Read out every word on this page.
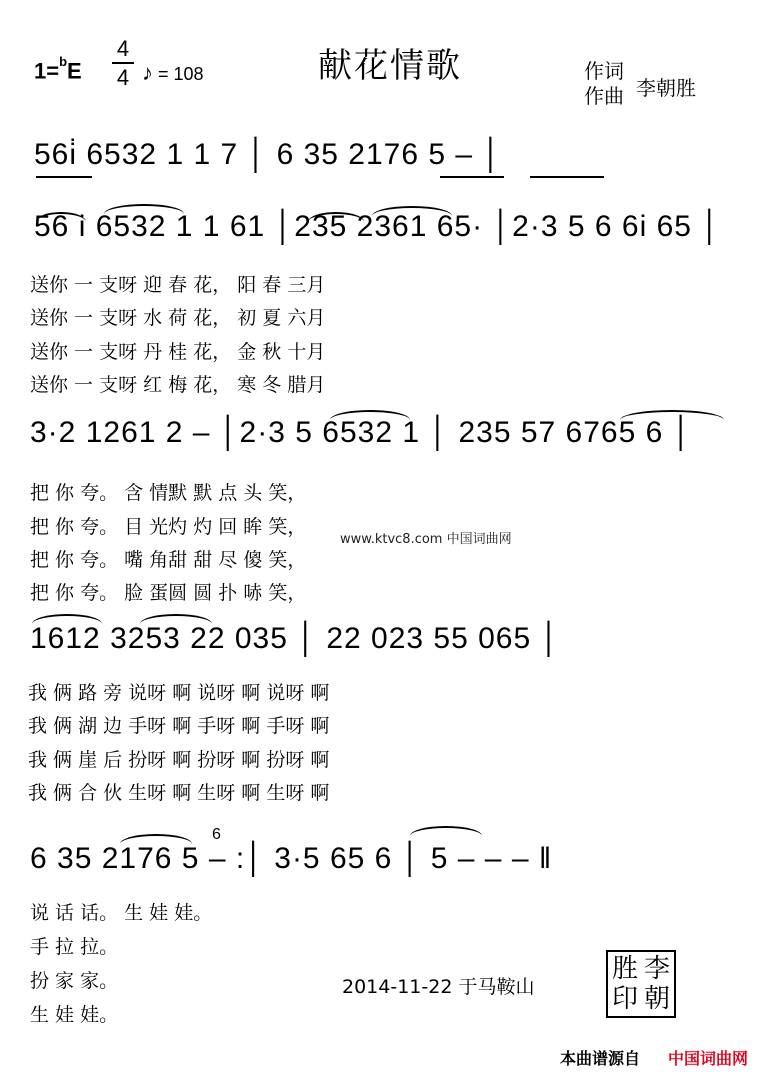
1=$^b$E
4
4 ♪ = 108	献花情歌	作词
作曲 李朝胜
56i̇ 6532 1 1 7 │ 6 35 2176 5 – │
56 i 6532 1 1 61 │235 2361 65· │2·3 5 6 6i 65 │
送你 一 支呀 迎 春 花， 阳 春 三月
送你 一 支呀 水 荷 花， 初 夏 六月
送你 一 支呀 丹 桂 花， 金 秋 十月
送你 一 支呀 红 梅 花， 寒 冬 腊月
3·2 1261 2 – │2·3 5 6532 1 │ 235 57 6765 6 │
把 你 夸。 含 情默 默 点 头 笑，
把 你 夸。 目 光灼 灼 回 眸 笑，
把 你 夸。 嘴 角甜 甜 尽 傻 笑，
把 你 夸。 脸 蛋圆 圆 扑 哧 笑，
www.ktvc8.com 中国词曲网
1612 3253 22 035 │ 22 023 55 065 │
我 俩 路 旁 说呀 啊 说呀 啊 说呀 啊
我 俩 湖 边 手呀 啊 手呀 啊 手呀 啊
我 俩 崖 后 扮呀 啊 扮呀 啊 扮呀 啊
我 俩 合 伙 生呀 啊 生呀 啊 生呀 啊
6
6 35 2176 5 – :│ 3·5 65 6 │ 5 – – – ‖
说 话 话。 生 娃 娃。
手 拉 拉。
扮 家 家。
生 娃 娃。
2014-11-22 于马鞍山
胜 李
印 朝
本曲谱源自 中国词曲网
